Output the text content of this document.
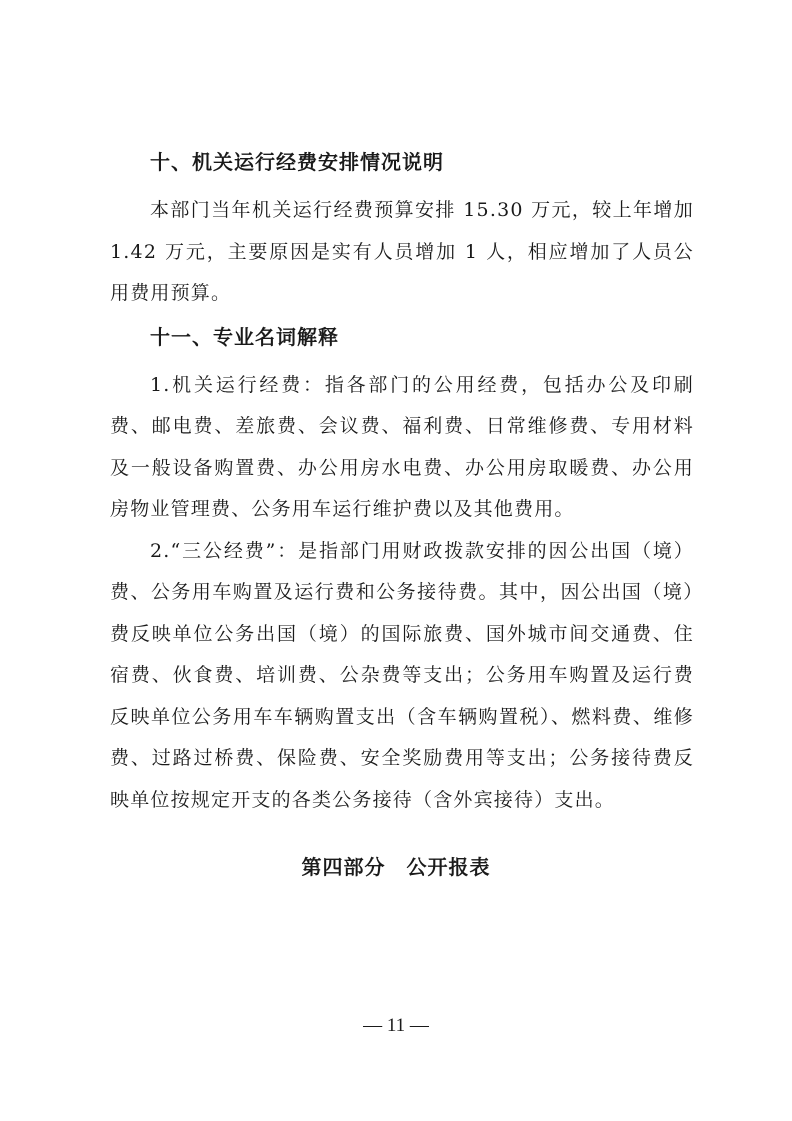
十、机关运行经费安排情况说明

本部门当年机关运行经费预算安排 15.30 万元，较上年增加 1.42 万元，主要原因是实有人员增加 1 人，相应增加了人员公用费用预算。

十一、专业名词解释

1.机关运行经费：指各部门的公用经费，包括办公及印刷费、邮电费、差旅费、会议费、福利费、日常维修费、专用材料及一般设备购置费、办公用房水电费、办公用房取暖费、办公用房物业管理费、公务用车运行维护费以及其他费用。

2.“三公经费”：是指部门用财政拨款安排的因公出国（境）费、公务用车购置及运行费和公务接待费。其中，因公出国（境）费反映单位公务出国（境）的国际旅费、国外城市间交通费、住宿费、伙食费、培训费、公杂费等支出；公务用车购置及运行费反映单位公务用车车辆购置支出（含车辆购置税）、燃料费、维修费、过路过桥费、保险费、安全奖励费用等支出；公务接待费反映单位按规定开支的各类公务接待（含外宾接待）支出。

第四部分　公开报表
— 11 —
